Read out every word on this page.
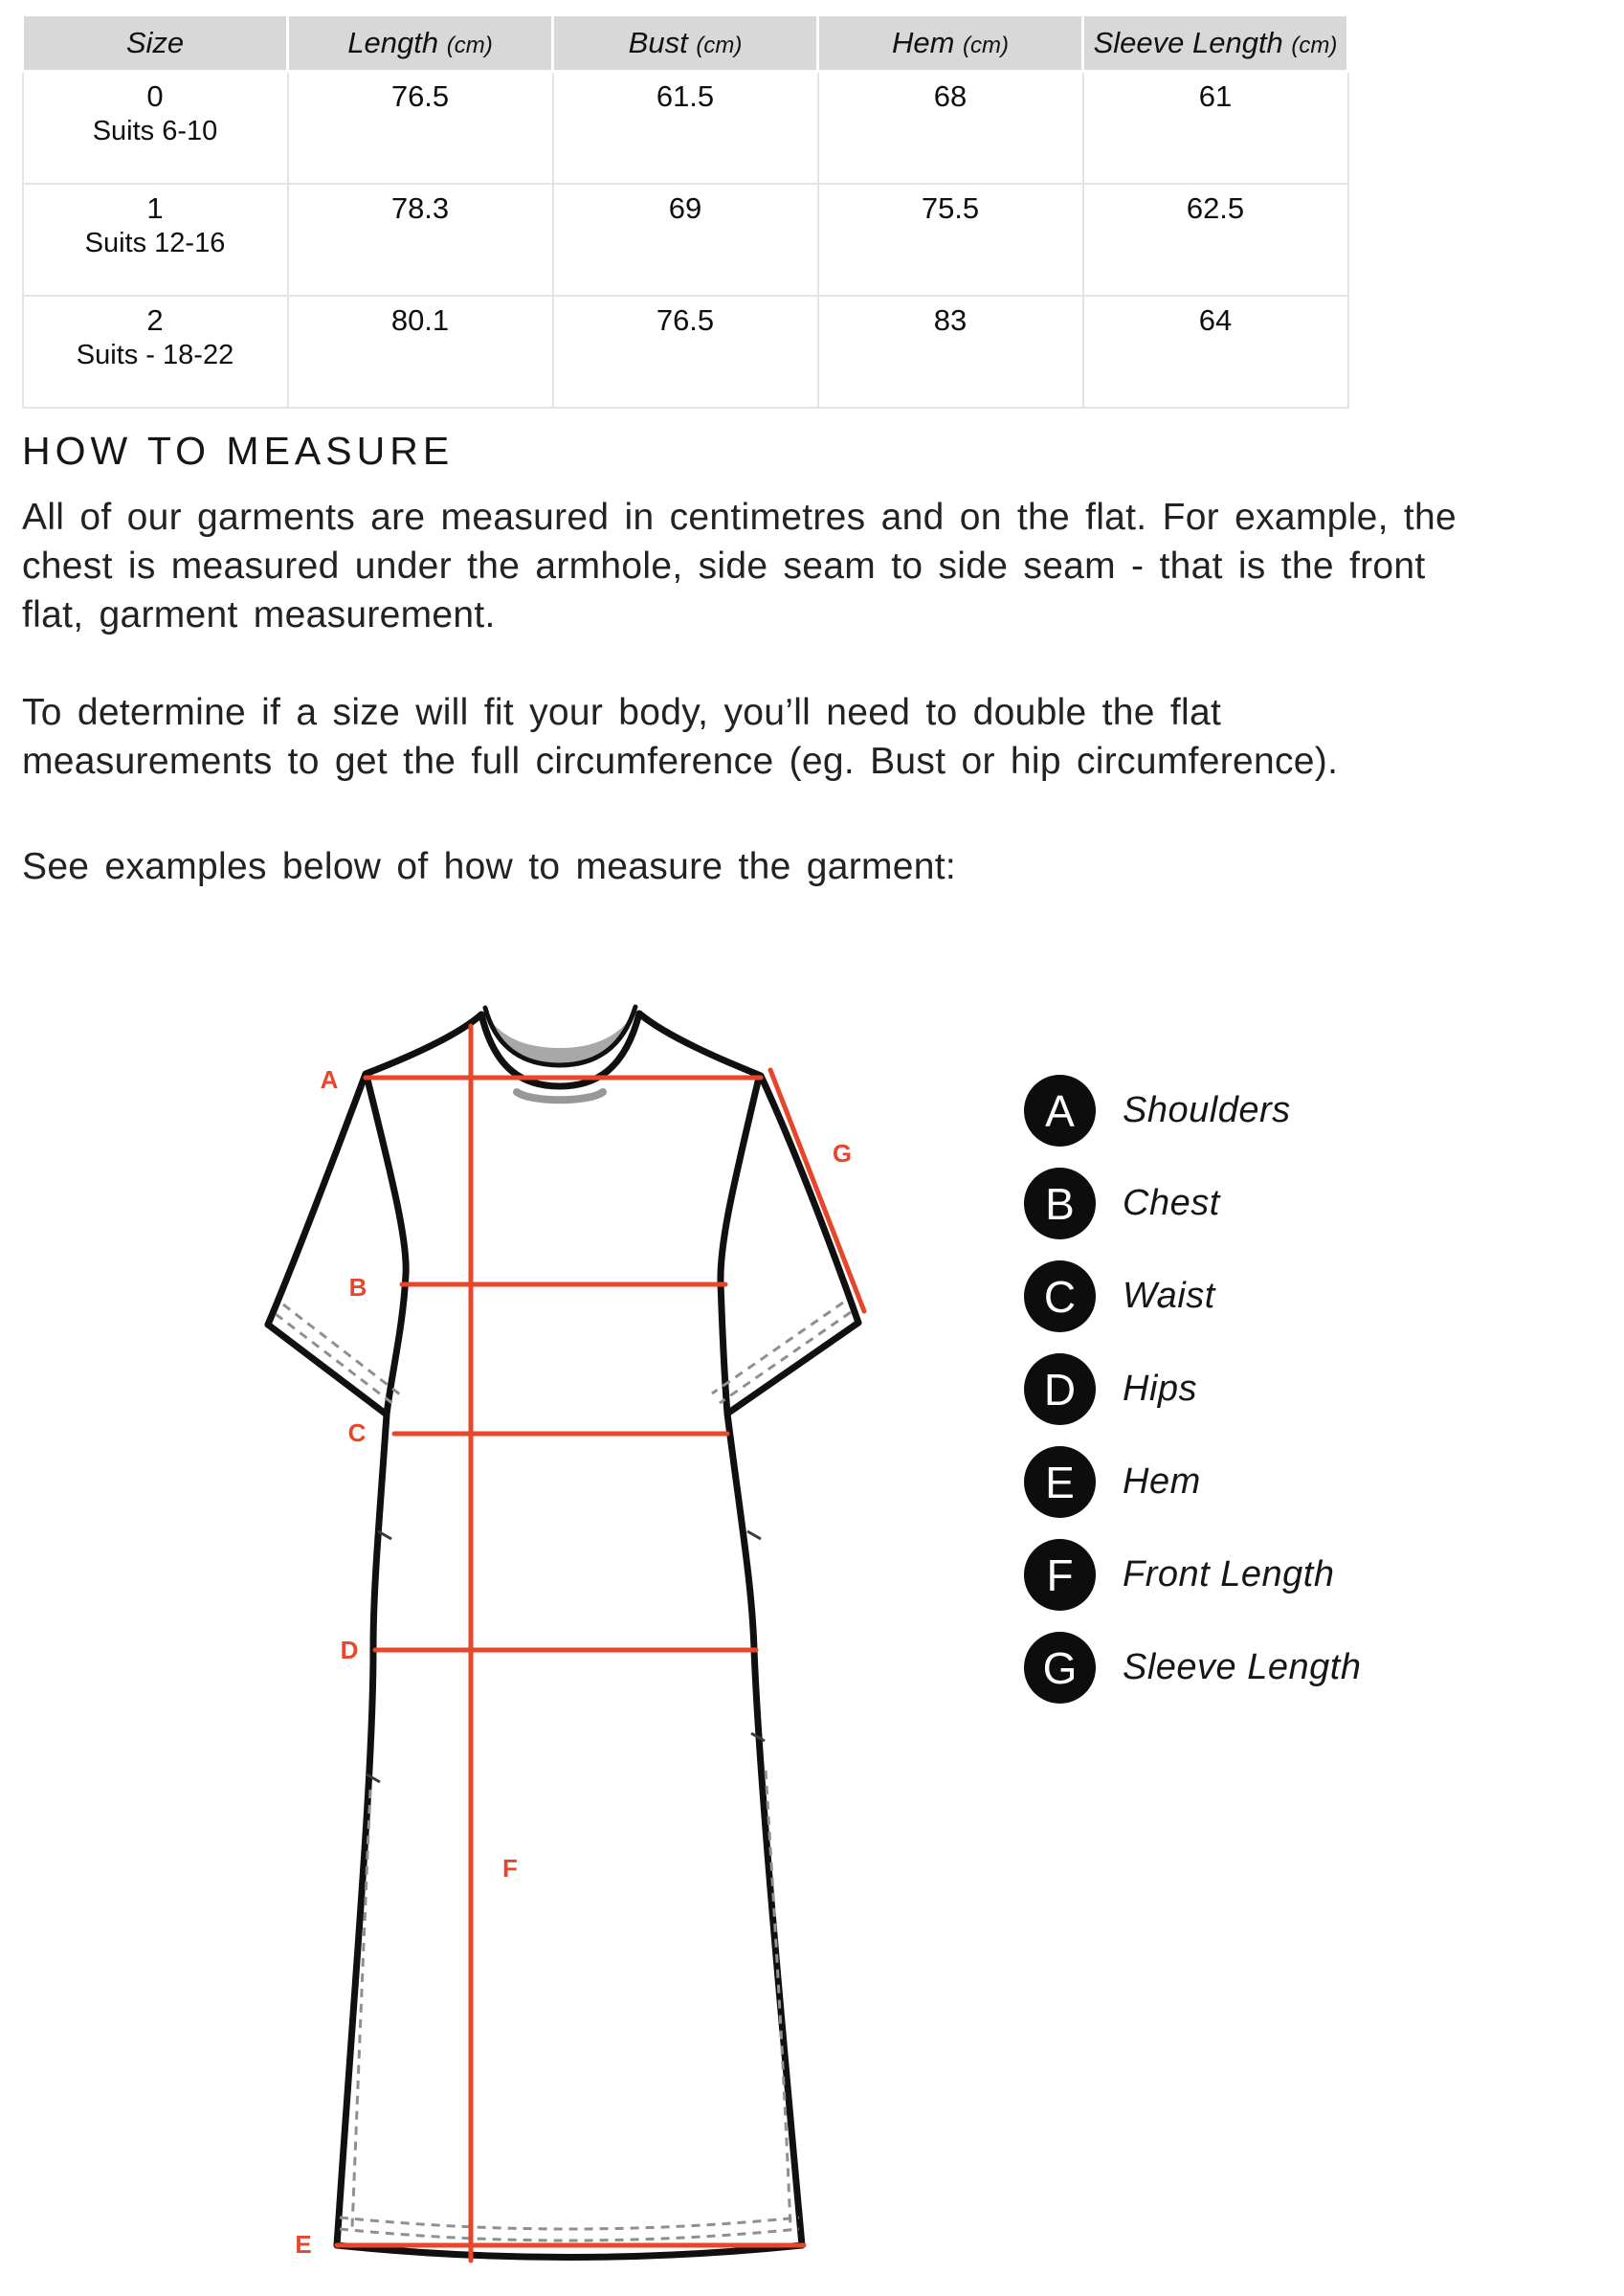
Size	Length (cm)	Bust (cm)	Hem (cm)	Sleeve Length (cm)

0
Suits 6-10	76.5	61.5	68	61

1
Suits 12-16	78.3	69	75.5	62.5

2
Suits - 18-22	80.1	76.5	83	64
HOW TO MEASURE
All of our garments are measured in centimetres and on the flat. For example, the
chest is measured under the armhole, side seam to side seam - that is the front
flat, garment measurement.
To determine if a size will fit your body, you’ll need to double the flat
measurements to get the full circumference (eg. Bust or hip circumference).
See examples below of how to measure the garment:
A
B
C
D
E
F
G
A Shoulders
B Chest
C Waist
D Hips
E Hem
F Front Length
G Sleeve Length
